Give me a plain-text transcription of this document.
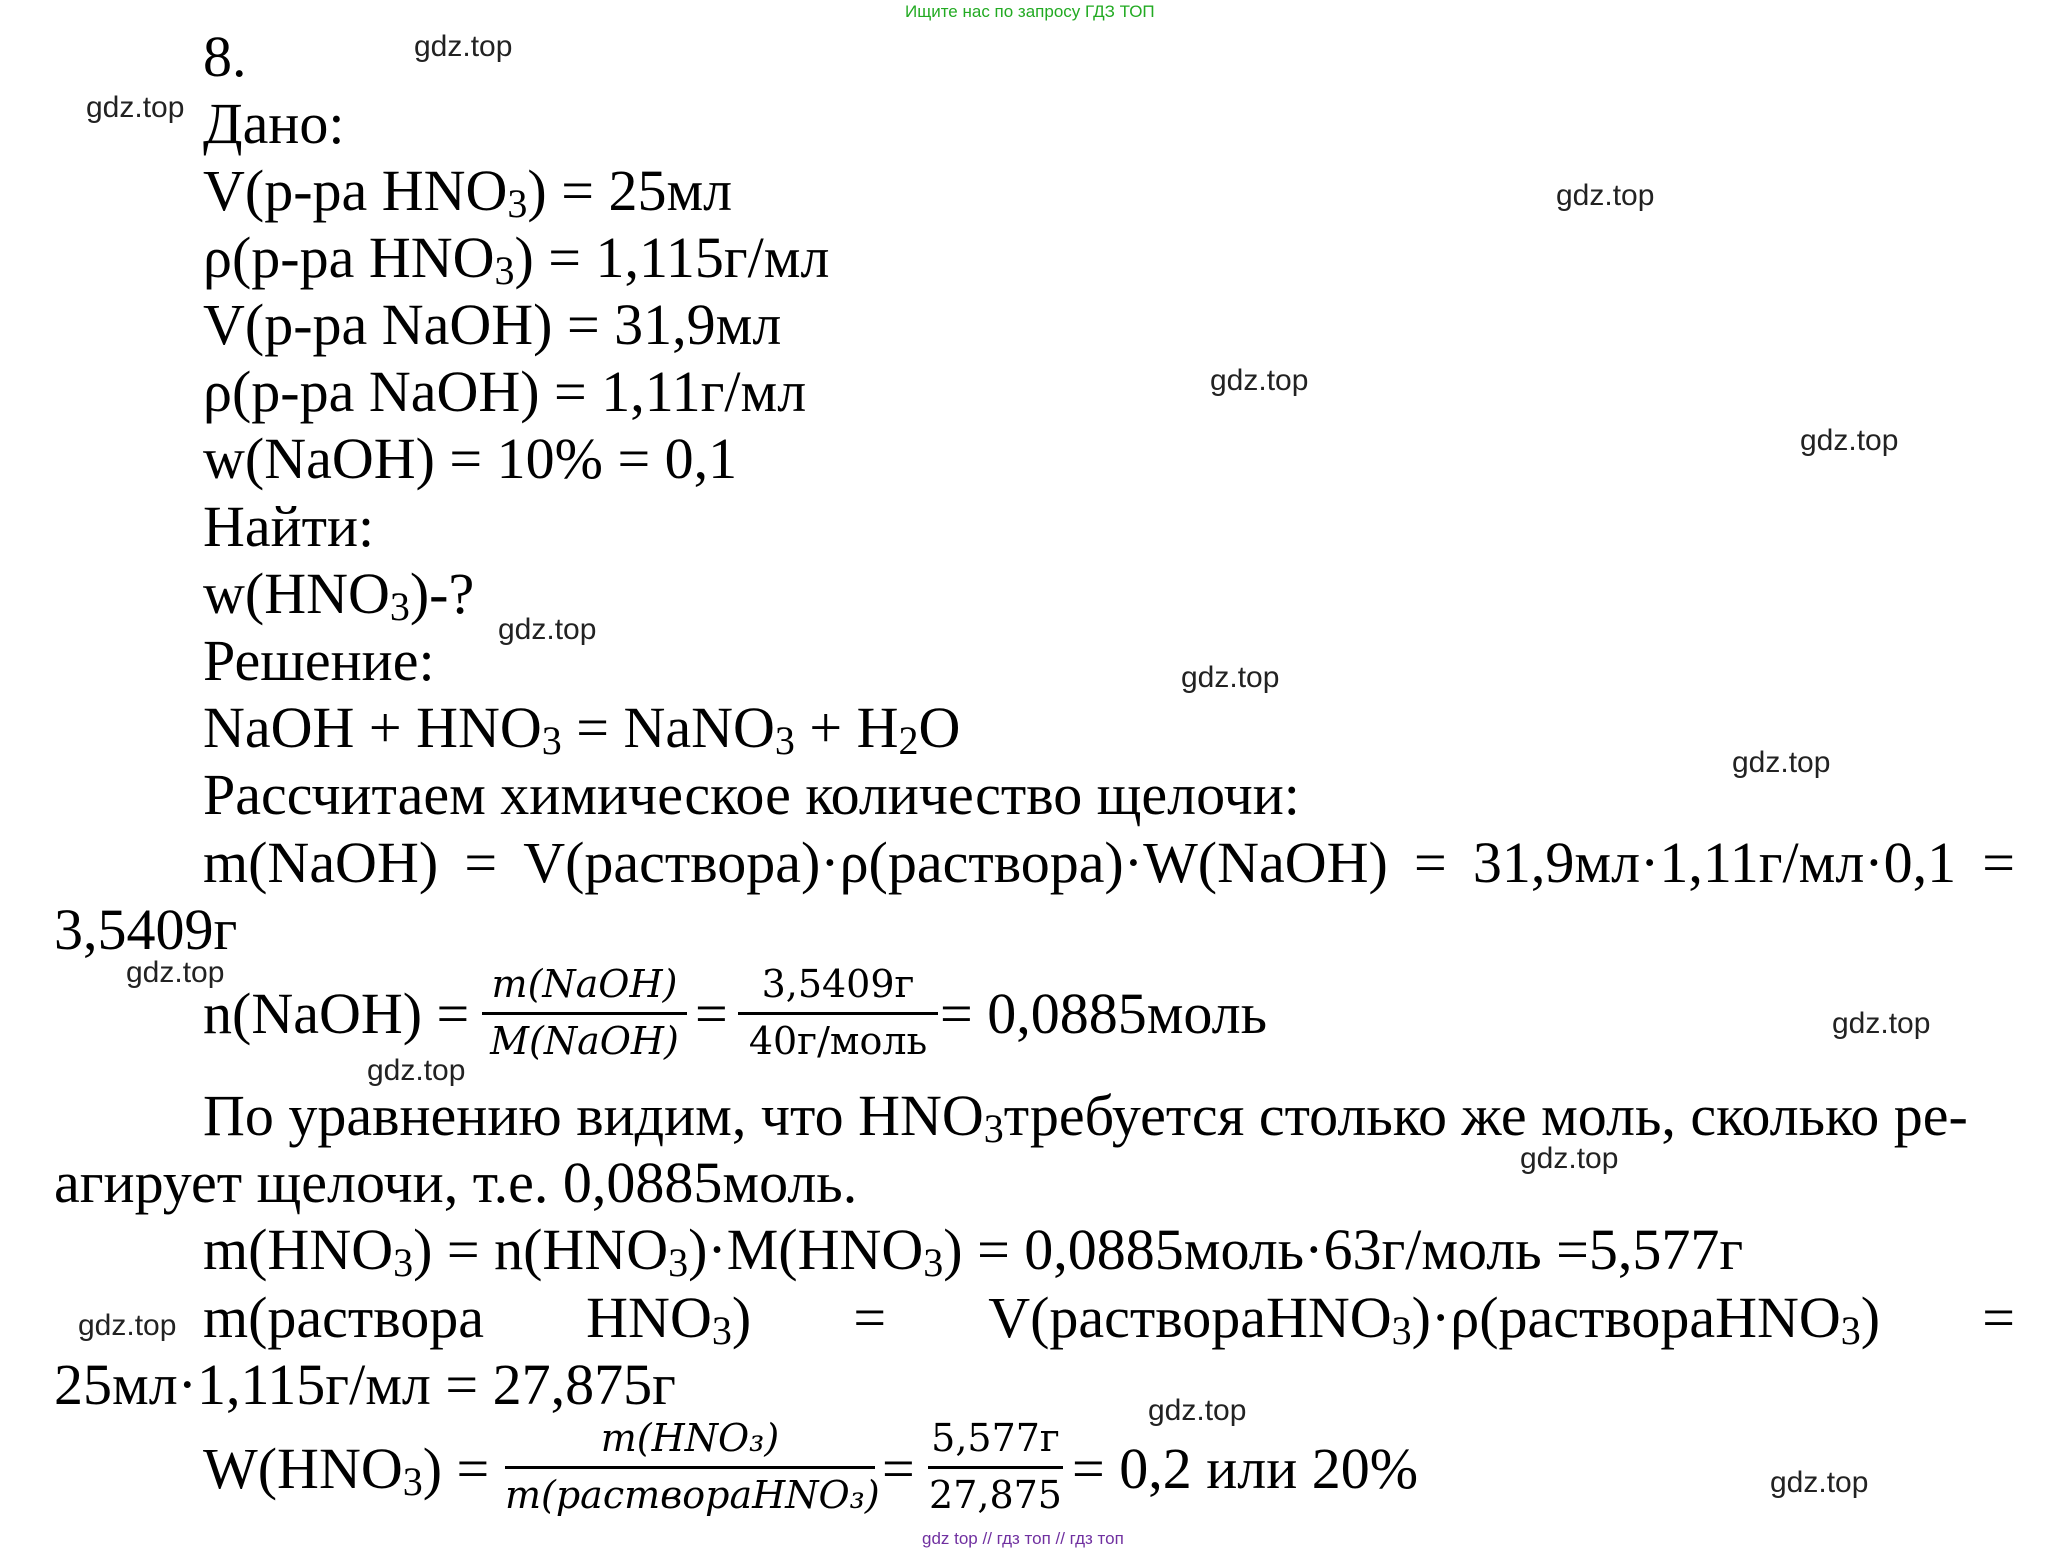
Ищите нас по запросу ГДЗ ТОП
gdz top // гдз топ // гдз топ
gdz.top
gdz.top
gdz.top
gdz.top
gdz.top
gdz.top
gdz.top
gdz.top
gdz.top
gdz.top
gdz.top
gdz.top
gdz.top
gdz.top
gdz.top
8.
Дано:
V(р-ра HNO3) = 25мл
ρ(р-ра HNO3) = 1,115г/мл
V(р-ра NaOH) = 31,9мл
ρ(р-ра NaOH) = 1,11г/мл
w(NaOH) = 10% = 0,1
Найти:
w(HNO3)-?
Решение:
NaOH + HNO3 = NaNO3 + H2O
Рассчитаем химическое количество щелочи:
m(NaOH) = V(раствора)·ρ(раствора)·W(NaOH) = 31,9мл·1,11г/мл·0,1 =
3,5409г
n(NaOH) = m(NaOH)
M(NaOH) = 3,5409г
40г/моль = 0,0885моль
По уравнению видим, что HNO3требуется столько же моль, сколько ре-
агирует щелочи, т.е. 0,0885моль.
m(HNO3) = n(HNO3)·M(HNO3) = 0,0885моль·63г/моль =5,577г
m(раствора HNO3) = V(раствораHNO3)·ρ(раствораHNO3) =
25мл·1,115г/мл = 27,875г
W(HNO3) =	m(HNO₃)
m(раствораHNO₃) = 5,577г
27,875 = 0,2 или 20%
